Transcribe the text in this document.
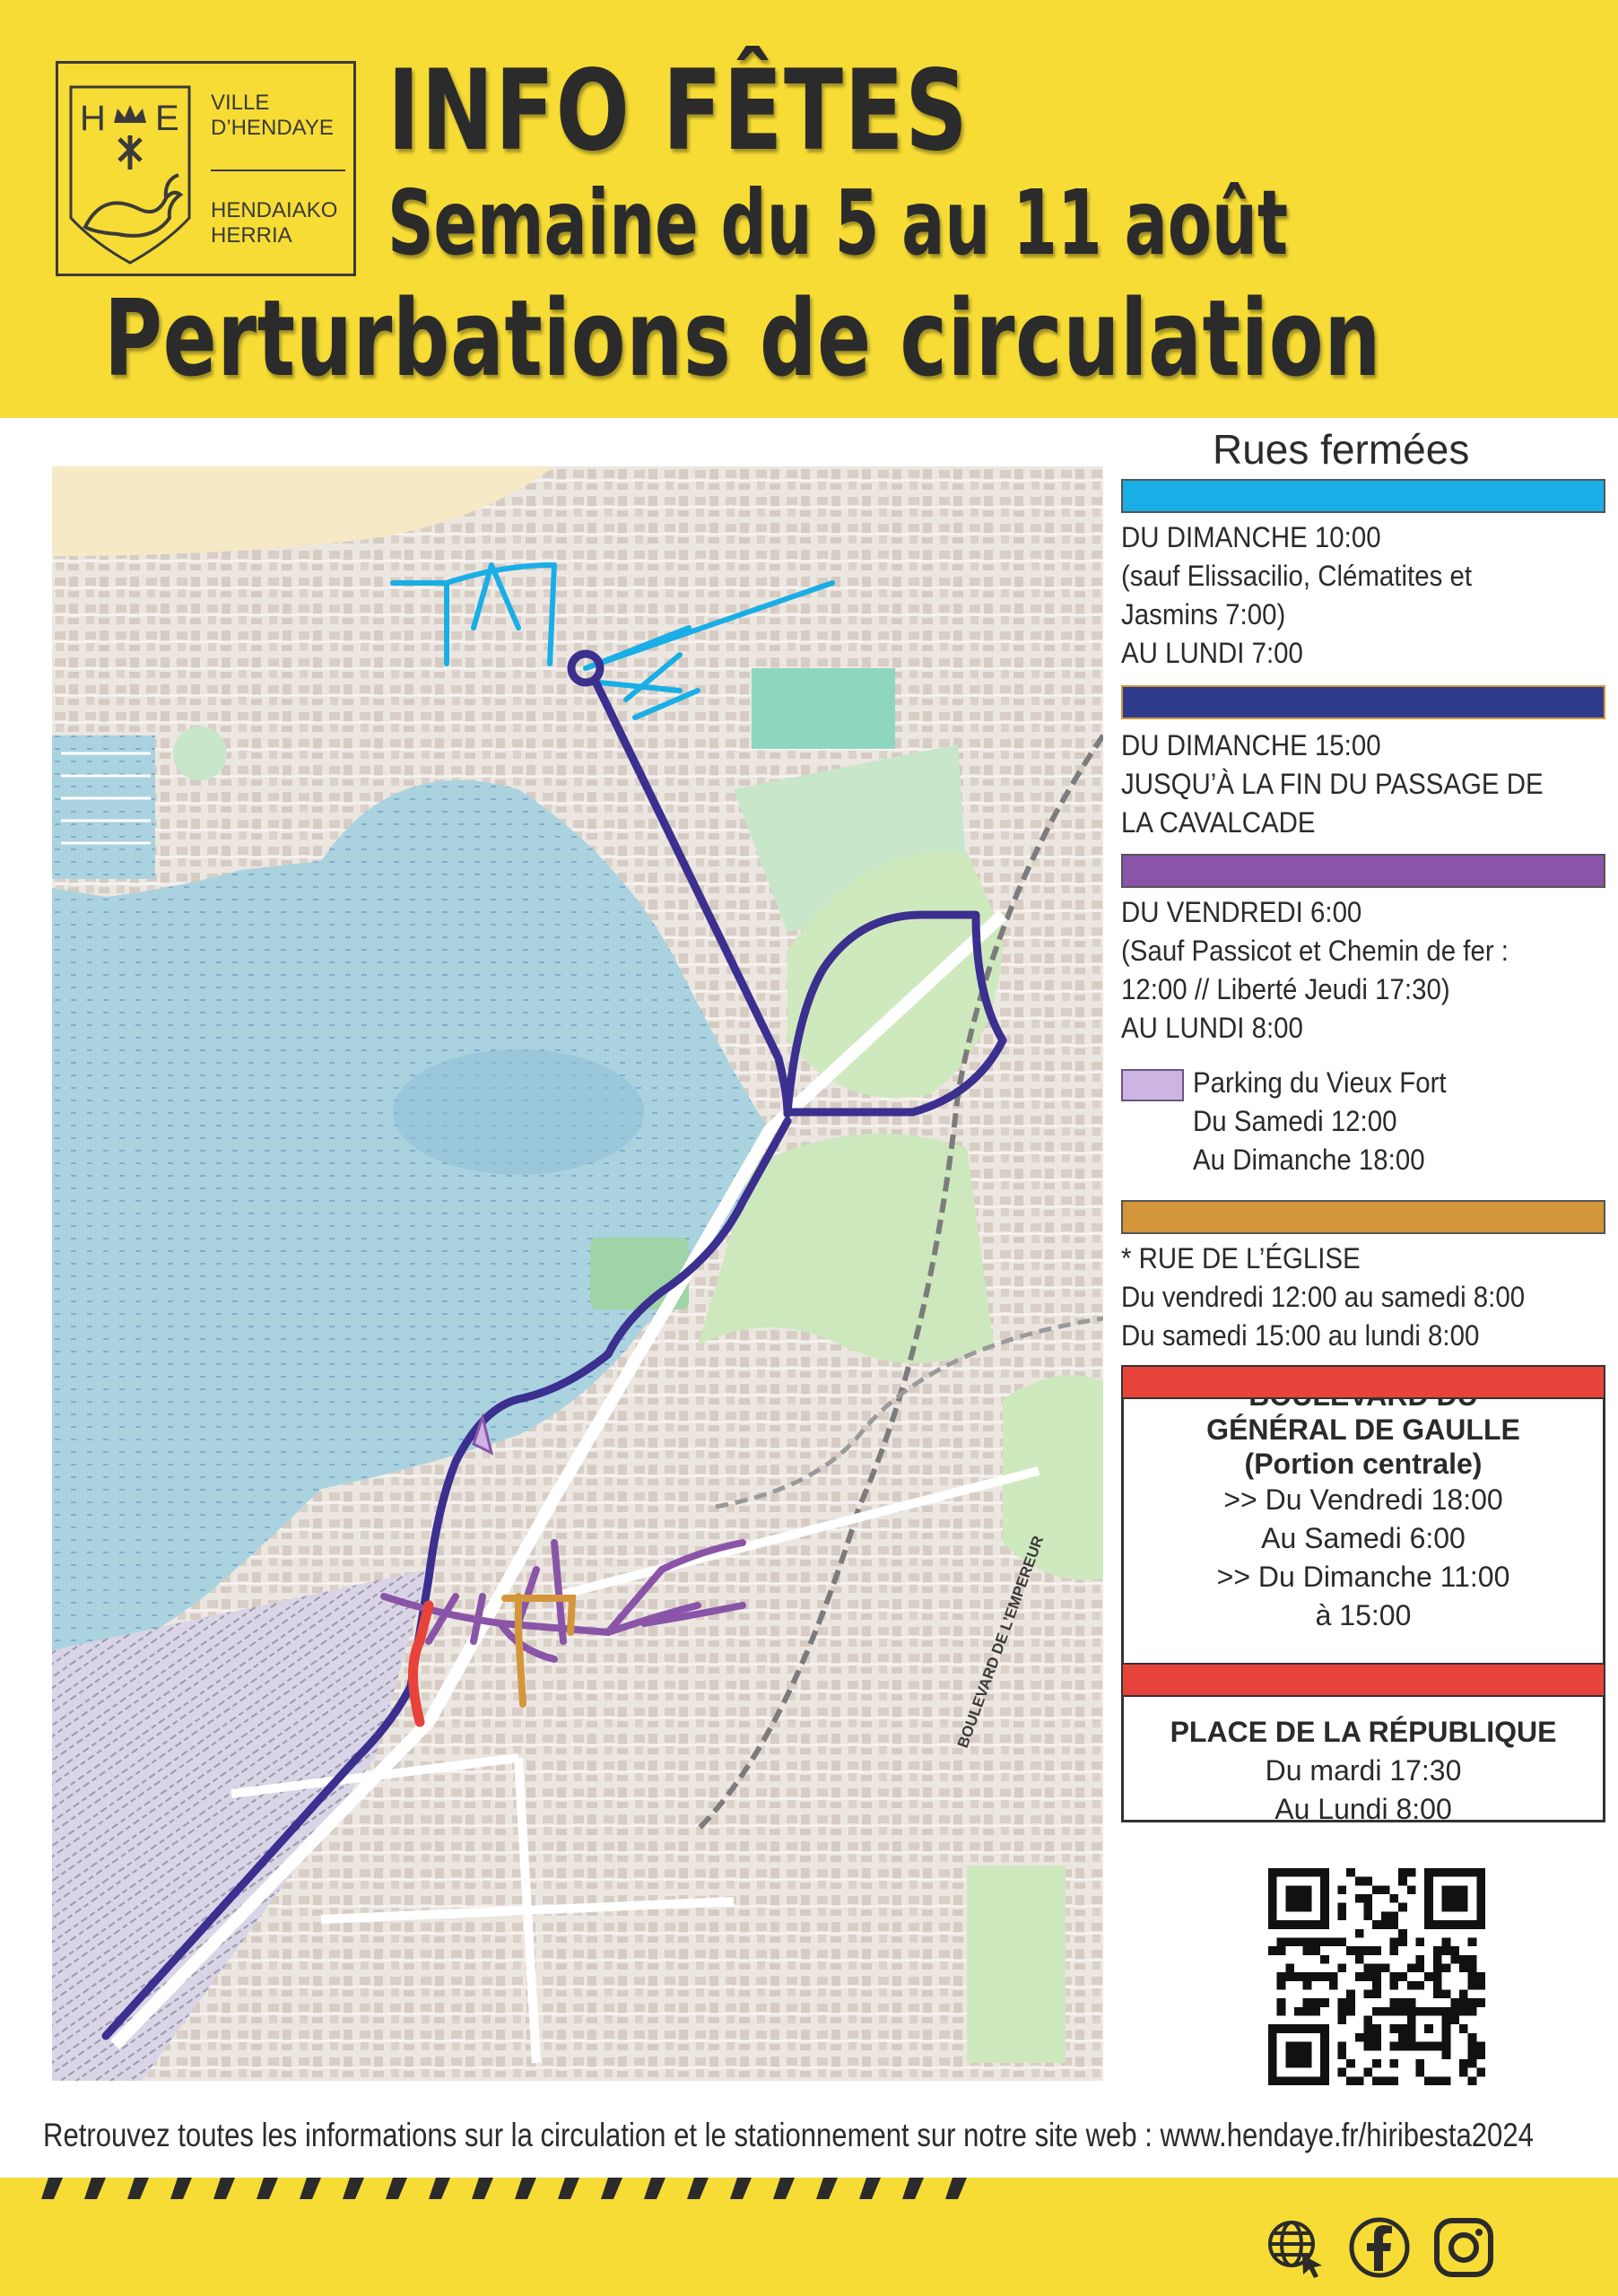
H E VILLE
D’HENDAYE
HENDAIAKO
HERRIA
INFO FÊTES
Semaine du 5 au 11 août
Perturbations de circulation
BOULEVARD DE L’EMPEREUR
Rues fermées
DU DIMANCHE 10:00
(sauf Elissacilio, Clématites et
Jasmins 7:00)
AU LUNDI 7:00
DU DIMANCHE 15:00
JUSQU’À LA FIN DU PASSAGE DE
LA CAVALCADE
DU VENDREDI 6:00
(Sauf Passicot et Chemin de fer :
12:00 // Liberté Jeudi 17:30)
AU LUNDI 8:00
Parking du Vieux Fort
Du Samedi 12:00
Au Dimanche 18:00
* RUE DE L’ÉGLISE
Du vendredi 12:00 au samedi 8:00
Du samedi 15:00 au lundi 8:00
GÉNÉRAL DE GAULLE
(Portion centrale)
>> Du Vendredi 18:00
Au Samedi 6:00
>> Du Dimanche 11:00
à 15:00
PLACE DE LA RÉPUBLIQUE
Du mardi 17:30
Au Lundi 8:00
Retrouvez toutes les informations sur la circulation et le stationnement sur notre site web : www.hendaye.fr/hiribesta2024
